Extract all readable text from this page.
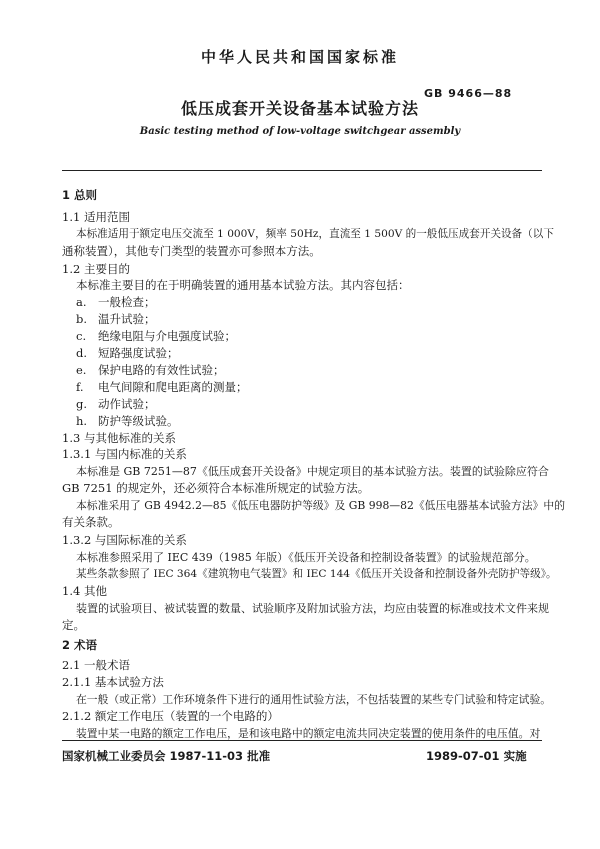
中华人民共和国国家标准
GB 9466—88
低压成套开关设备基本试验方法
Basic testing method of low-voltage switchgear assembly
1 总则
1.1 适用范围
本标准适用于额定电压交流至 1 000V，频率 50Hz，直流至 1 500V 的一般低压成套开关设备（以下
通称装置），其他专门类型的装置亦可参照本方法。
1.2 主要目的
本标准主要目的在于明确装置的通用基本试验方法。其内容包括：
a. 一般检查；
b. 温升试验；
c. 绝缘电阻与介电强度试验；
d. 短路强度试验；
e. 保护电路的有效性试验；
f. 电气间隙和爬电距离的测量；
g. 动作试验；
h. 防护等级试验。
1.3 与其他标准的关系
1.3.1 与国内标准的关系
本标准是 GB 7251—87《低压成套开关设备》中规定项目的基本试验方法。装置的试验除应符合
GB 7251 的规定外，还必须符合本标准所规定的试验方法。
本标准采用了 GB 4942.2—85《低压电器防护等级》及 GB 998—82《低压电器基本试验方法》中的
有关条款。
1.3.2 与国际标准的关系
本标准参照采用了 IEC 439（1985 年版）《低压开关设备和控制设备装置》的试验规范部分。
某些条款参照了 IEC 364《建筑物电气装置》和 IEC 144《低压开关设备和控制设备外壳防护等级》。
1.4 其他
装置的试验项目、被试装置的数量、试验顺序及附加试验方法，均应由装置的标准或技术文件来规
定。
2 术语
2.1 一般术语
2.1.1 基本试验方法
在一般（或正常）工作环境条件下进行的通用性试验方法，不包括装置的某些专门试验和特定试验。
2.1.2 额定工作电压（装置的一个电路的）
装置中某一电路的额定工作电压，是和该电路中的额定电流共同决定装置的使用条件的电压值。对
国家机械工业委员会 1987-11-03 批准	1989-07-01 实施
